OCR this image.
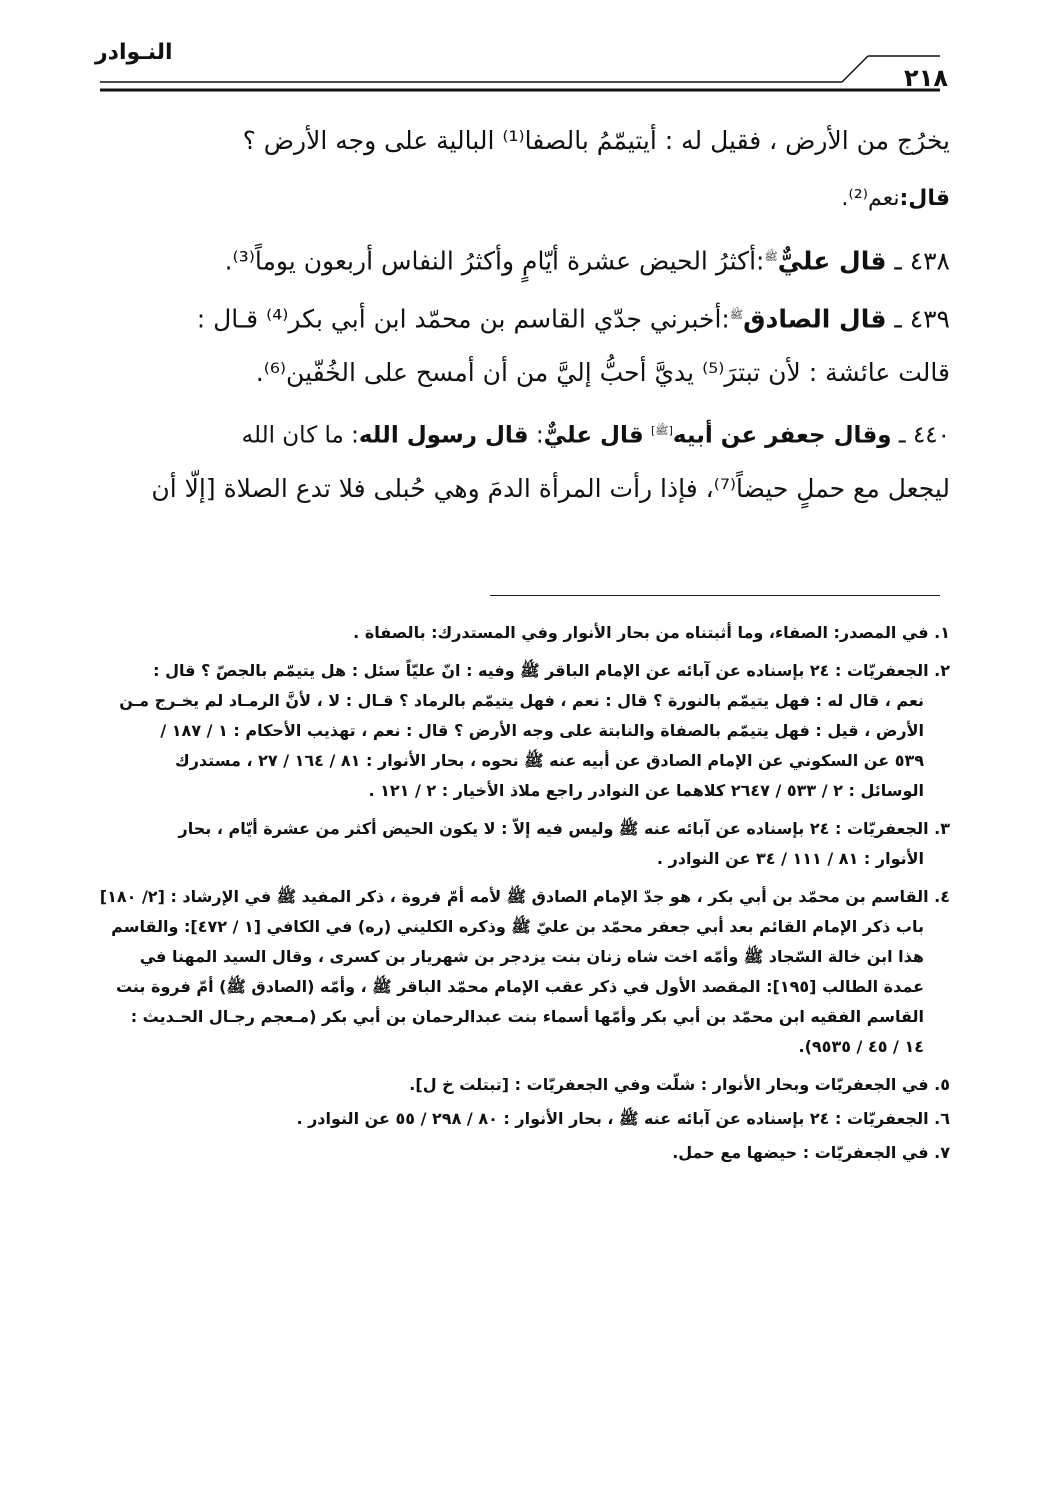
النـوادر
٢١٨
يخرُج من الأرض ، فقيل له : أيتيمّمُ بالصفا⁽¹⁾ البالية على وجه الأرض ؟
قال:نعم⁽²⁾.
٤٣٨ ـ قال عليٌّ$^ﷺ$:أكثرُ الحيض عشرة أيّامٍ وأكثرُ النفاس أربعون يوماً⁽³⁾.
٤٣٩ ـ قال الصادق$^ﷺ$:أخبرني جدّي القاسم بن محمّد ابن أبي بكر⁽⁴⁾ قـال :
قالت عائشة : لأن تبترَ⁽⁵⁾ يديَّ أحبُّ إليَّ من أن أمسح على الخُفّين⁽⁶⁾.
٤٤٠ ـ وقال جعفر عن أبيه[ﷺ] قال عليٌّ: قال رسول الله: ما كان الله
ليجعل مع حملٍ حيضاً⁽⁷⁾، فإذا رأت المرأة الدمَ وهي حُبلى فلا تدع الصلاة [إلّا أن
١. في المصدر: الصفاء، وما أثبتناه من بحار الأنوار وفي المستدرك: بالصفاة .
٢. الجعفريّات : ٢٤ بإسناده عن آبائه عن الإمام الباقر ﷺ وفيه : انّ عليّاً سئل : هل يتيمّم بالجصّ ؟ قال :
نعم ، قال له : فهل يتيمّم بالنورة ؟ قال : نعم ، فهل يتيمّم بالرماد ؟ قـال : لا ، لأنَّ الرمـاد لم يخـرج مـن
الأرض ، قيل : فهل يتيمّم بالصفاة والنابتة على وجه الأرض ؟ قال : نعم ، تهذيب الأحكام : ١ / ١٨٧ /
٥٣٩ عن السكوني عن الإمام الصادق عن أبيه عنه ﷺ نحوه ، بحار الأنوار : ٨١ / ١٦٤ / ٢٧ ، مستدرك
الوسائل : ٢ / ٥٣٣ / ٢٦٤٧ كلاهما عن النوادر راجع ملاذ الأخيار : ٢ / ١٢١ .
٣. الجعفريّات : ٢٤ بإسناده عن آبائه عنه ﷺ وليس فيه إلاّ : لا يكون الحيض أكثر من عشرة أيّام ، بحار
الأنوار : ٨١ / ١١١ / ٣٤ عن النوادر .
٤. القاسم بن محمّد بن أبي بكر ، هو جدّ الإمام الصادق ﷺ لأمه أمّ فروة ، ذكر المفيد ﷺ في الإرشاد : [٢/ ١٨٠]
باب ذكر الإمام القائم بعد أبي جعفر محمّد بن عليّ ﷺ وذكره الكليني (ره) في الكافي [١ / ٤٧٢]: والقاسم
هذا ابن خالة السّجاد ﷺ وأمّه اخت شاه زنان بنت يزدجر بن شهريار بن كسرى ، وقال السيد المهنا في
عمدة الطالب [١٩٥]: المقصد الأول في ذكر عقب الإمام محمّد الباقر ﷺ ، وأمّه (الصادق ﷺ) أمّ فروة بنت
القاسم الفقيه ابن محمّد بن أبي بكر وأمّها أسماء بنت عبدالرحمان بن أبي بكر (مـعجم رجـال الحـديث :
١٤ / ٤٥ / ٩٥٣٥).
٥. في الجعفريّات وبحار الأنوار : شلّت وفي الجعفريّات : [تبتلت خ ل].
٦. الجعفريّات : ٢٤ بإسناده عن آبائه عنه ﷺ ، بحار الأنوار : ٨٠ / ٢٩٨ / ٥٥ عن النوادر .
٧. في الجعفريّات : حيضها مع حمل.
